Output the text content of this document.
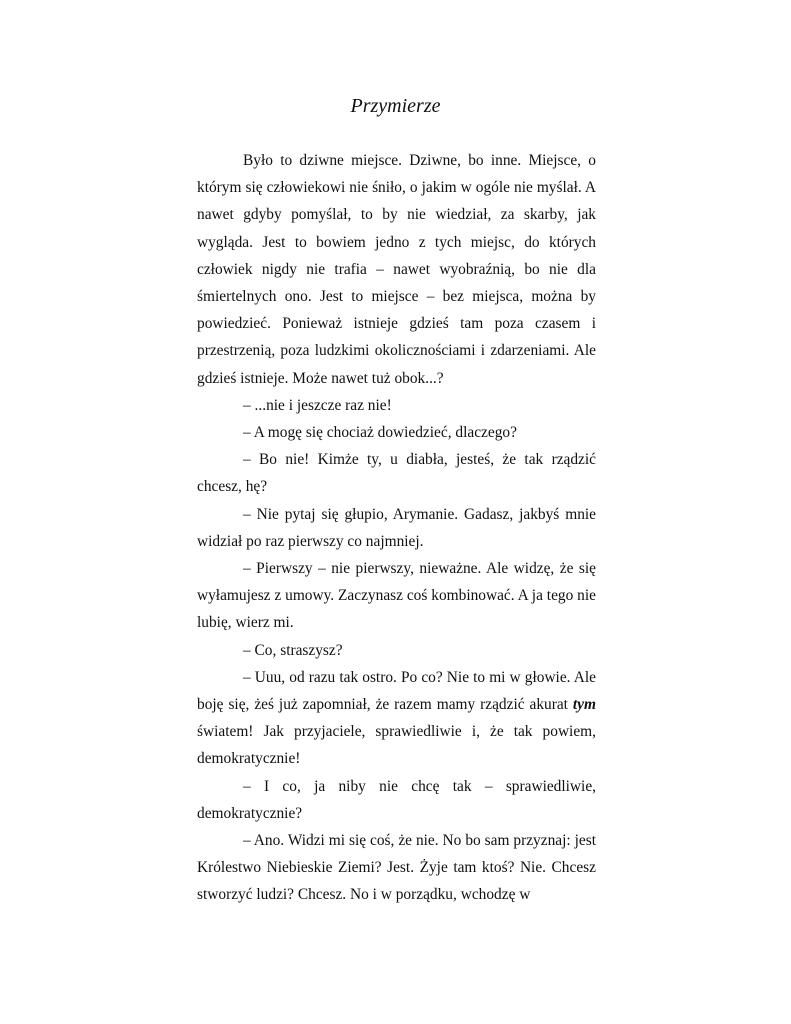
Przymierze

Było to dziwne miejsce. Dziwne, bo inne. Miejsce, o którym się człowiekowi nie śniło, o jakim w ogóle nie myślał. A nawet gdyby pomyślał, to by nie wiedział, za skarby, jak wygląda. Jest to bowiem jedno z tych miejsc, do których człowiek nigdy nie trafia – nawet wyobraźnią, bo nie dla śmiertelnych ono. Jest to miejsce – bez miejsca, można by powiedzieć. Ponieważ istnieje gdzieś tam poza czasem i przestrzenią, poza ludzkimi okolicznościami i zdarzeniami. Ale gdzieś istnieje. Może nawet tuż obok...?

– ...nie i jeszcze raz nie!

– A mogę się chociaż dowiedzieć, dlaczego?

– Bo nie! Kimże ty, u diabła, jesteś, że tak rządzić chcesz, hę?

– Nie pytaj się głupio, Arymanie. Gadasz, jakbyś mnie widział po raz pierwszy co najmniej.

– Pierwszy – nie pierwszy, nieważne. Ale widzę, że się wyłamujesz z umowy. Zaczynasz coś kombinować. A ja tego nie lubię, wierz mi.

– Co, straszysz?

– Uuu, od razu tak ostro. Po co? Nie to mi w głowie. Ale boję się, żeś już zapomniał, że razem mamy rządzić akurat tym światem! Jak przyjaciele, sprawiedliwie i, że tak powiem, demokratycznie!

– I co, ja niby nie chcę tak – sprawiedliwie, demokratycznie?

– Ano. Widzi mi się coś, że nie. No bo sam przyznaj: jest Królestwo Niebieskie Ziemi? Jest. Żyje tam ktoś? Nie. Chcesz stworzyć ludzi? Chcesz. No i w porządku, wchodzę w
